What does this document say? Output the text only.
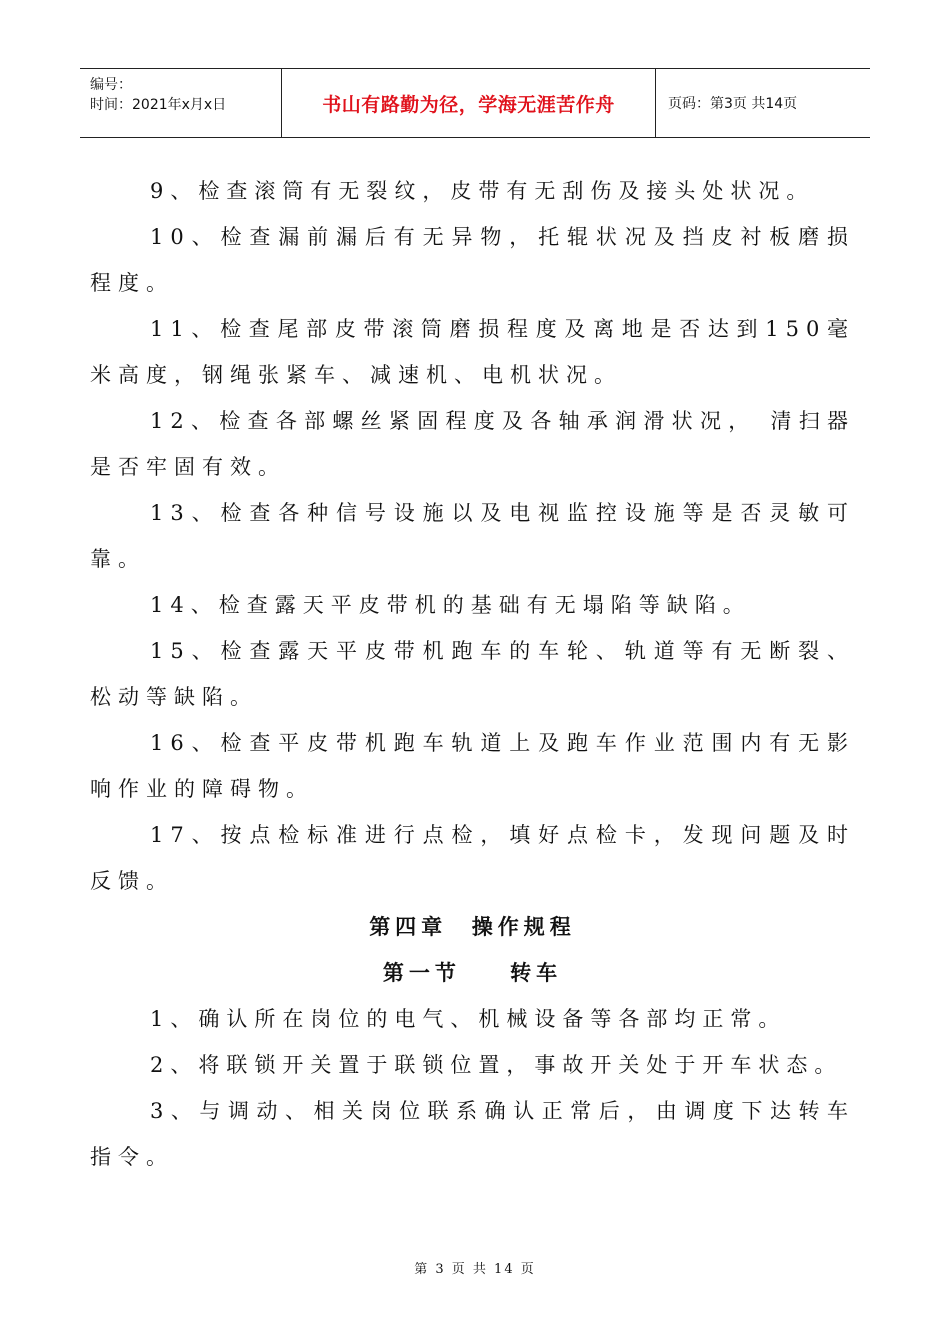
编号：
时间：2021年x月x日	书山有路勤为径，学海无涯苦作舟	页码：第3页 共14页

9、检查滚筒有无裂纹，皮带有无刮伤及接头处状况。

10、检查漏前漏后有无异物，托辊状况及挡皮衬板磨损程度。

11、检查尾部皮带滚筒磨损程度及离地是否达到150毫米高度，钢绳张紧车、减速机、电机状况。

12、检查各部螺丝紧固程度及各轴承润滑状况， 清扫器是否牢固有效。

13、检查各种信号设施以及电视监控设施等是否灵敏可靠。

14、检查露天平皮带机的基础有无塌陷等缺陷。

15、检查露天平皮带机跑车的车轮、轨道等有无断裂、松动等缺陷。

16、检查平皮带机跑车轨道上及跑车作业范围内有无影响作业的障碍物。

17、按点检标准进行点检，填好点检卡，发现问题及时反馈。

第四章  操作规程

第一节    转车

1、确认所在岗位的电气、机械设备等各部均正常。

2、将联锁开关置于联锁位置，事故开关处于开车状态。

3、与调动、相关岗位联系确认正常后，由调度下达转车指令。

第 3 页 共 14 页
